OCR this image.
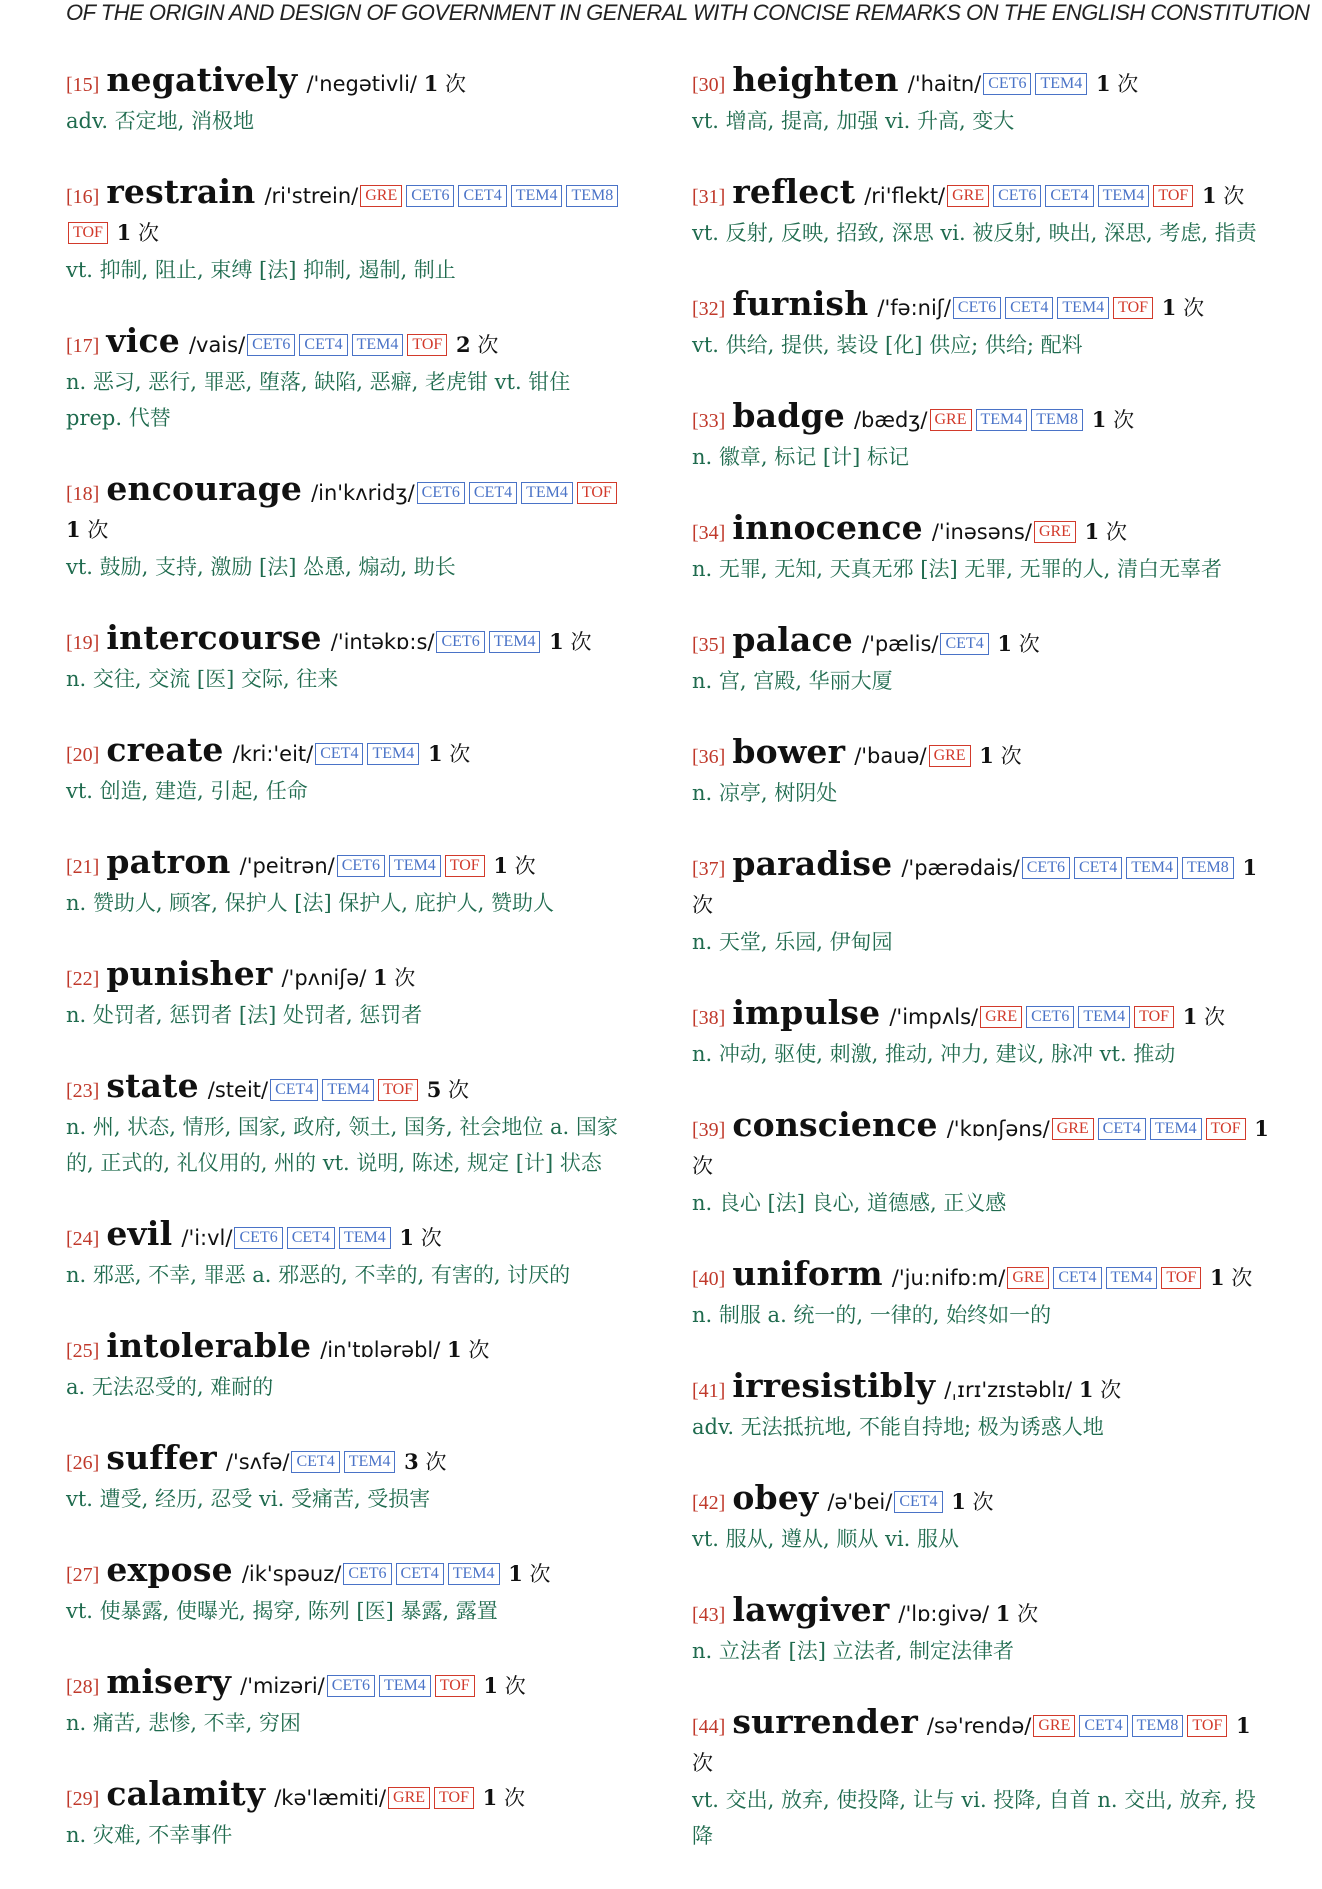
OF THE ORIGIN AND DESIGN OF GOVERNMENT IN GENERAL WITH CONCISE REMARKS ON THE ENGLISH CONSTITUTION
[15] negatively /'negətivli/ 1 次
adv. 否定地, 消极地
[16] restrain /ri'strein/ GRE CET6 CET4 TEM4 TEM8TOF 1 次
vt. 抑制, 阻止, 束缚 [法] 抑制, 遏制, 制止
[17] vice /vais/ CET6 CET4 TEM4 TOF 2 次
n. 恶习, 恶行, 罪恶, 堕落, 缺陷, 恶癖, 老虎钳 vt. 钳住 prep. 代替
[18] encourage /in'kʌridʒ/ CET6 CET4 TEM4 TOF 1 次
vt. 鼓励, 支持, 激励 [法] 怂恿, 煽动, 助长
[19] intercourse /'intəkɒ:s/ CET6 TEM4 1 次
n. 交往, 交流 [医] 交际, 往来
[20] create /kri:'eit/ CET4 TEM4 1 次
vt. 创造, 建造, 引起, 任命
[21] patron /'peitrən/ CET6 TEM4 TOF 1 次
n. 赞助人, 顾客, 保护人 [法] 保护人, 庇护人, 赞助人
[22] punisher /'pʌniʃə/ 1 次
n. 处罚者, 惩罚者 [法] 处罚者, 惩罚者
[23] state /steit/ CET4 TEM4 TOF 5 次
n. 州, 状态, 情形, 国家, 政府, 领土, 国务, 社会地位 a. 国家的, 正式的, 礼仪用的, 州的 vt. 说明, 陈述, 规定 [计] 状态
[24] evil /'i:vl/ CET6 CET4 TEM4 1 次
n. 邪恶, 不幸, 罪恶 a. 邪恶的, 不幸的, 有害的, 讨厌的
[25] intolerable /in'tɒlərəbl/ 1 次
a. 无法忍受的, 难耐的
[26] suffer /'sʌfə/ CET4 TEM4 3 次
vt. 遭受, 经历, 忍受 vi. 受痛苦, 受损害
[27] expose /ik'spəuz/ CET6 CET4 TEM4 1 次
vt. 使暴露, 使曝光, 揭穿, 陈列 [医] 暴露, 露置
[28] misery /'mizəri/ CET6 TEM4 TOF 1 次
n. 痛苦, 悲惨, 不幸, 穷困
[29] calamity /kə'læmiti/ GRE TOF 1 次
n. 灾难, 不幸事件
[30] heighten /'haitn/ CET6 TEM4 1 次
vt. 增高, 提高, 加强 vi. 升高, 变大
[31] reflect /ri'flekt/ GRE CET6 CET4 TEM4 TOF 1 次
vt. 反射, 反映, 招致, 深思 vi. 被反射, 映出, 深思, 考虑, 指责
[32] furnish /'fə:niʃ/ CET6 CET4 TEM4 TOF 1 次
vt. 供给, 提供, 装设 [化] 供应; 供给; 配料
[33] badge /bædʒ/ GRE TEM4 TEM8 1 次
n. 徽章, 标记 [计] 标记
[34] innocence /'inəsəns/ GRE 1 次
n. 无罪, 无知, 天真无邪 [法] 无罪, 无罪的人, 清白无辜者
[35] palace /'pælis/ CET4 1 次
n. 宫, 宫殿, 华丽大厦
[36] bower /'bauə/ GRE 1 次
n. 凉亭, 树阴处
[37] paradise /'pærədais/ CET6 CET4 TEM4 TEM8 1 次
n. 天堂, 乐园, 伊甸园
[38] impulse /'impʌls/ GRE CET6 TEM4 TOF 1 次
n. 冲动, 驱使, 刺激, 推动, 冲力, 建议, 脉冲 vt. 推动
[39] conscience /'kɒnʃəns/ GRE CET4 TEM4 TOF 1 次
n. 良心 [法] 良心, 道德感, 正义感
[40] uniform /'ju:nifɒ:m/ GRE CET4 TEM4 TOF 1 次
n. 制服 a. 统一的, 一律的, 始终如一的
[41] irresistibly /ˌɪrɪ'zɪstəblɪ/ 1 次
adv. 无法抵抗地, 不能自持地; 极为诱惑人地
[42] obey /ə'bei/ CET4 1 次
vt. 服从, 遵从, 顺从 vi. 服从
[43] lawgiver /'lɒ:givə/ 1 次
n. 立法者 [法] 立法者, 制定法律者
[44] surrender /sə'rendə/ GRE CET4 TEM8 TOF 1 次
vt. 交出, 放弃, 使投降, 让与 vi. 投降, 自首 n. 交出, 放弃, 投降
